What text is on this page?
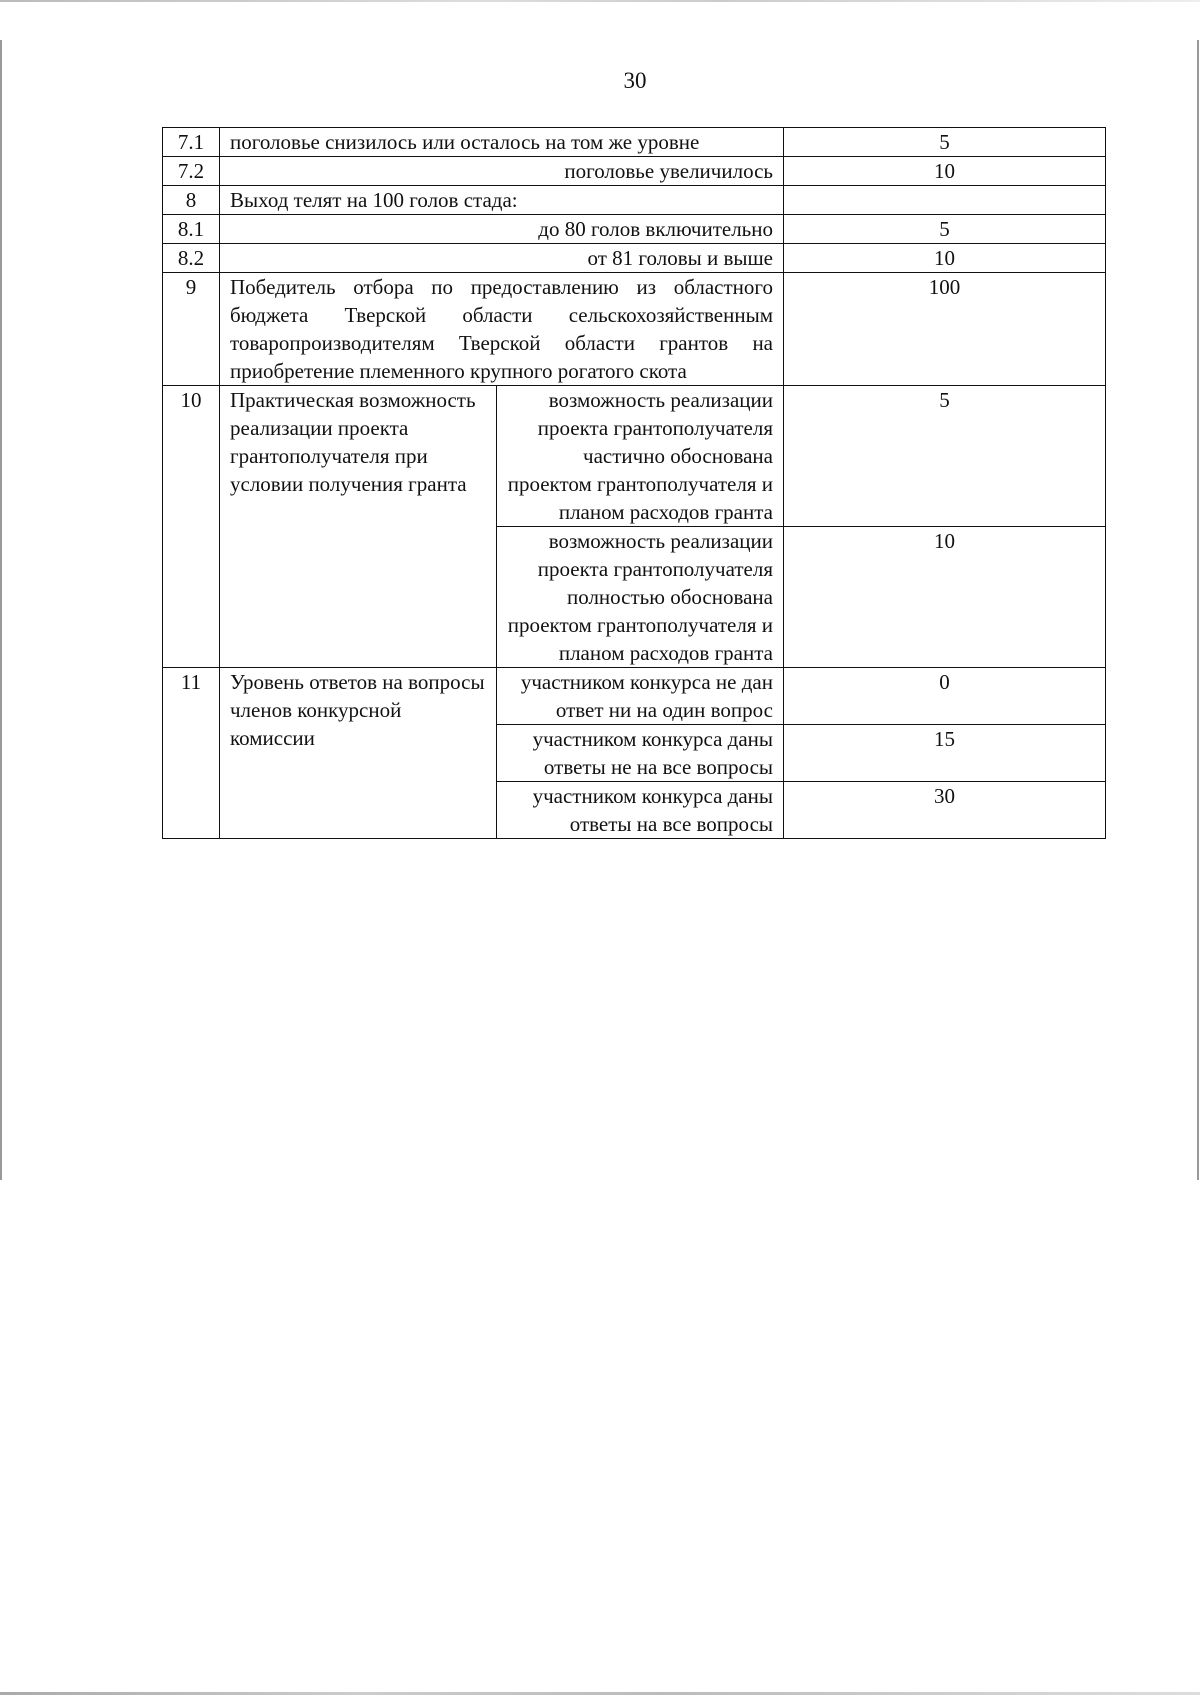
30
7.1	поголовье снизилось или осталось на том же уровне		5
7.2	поголовье увеличилось		10
8	Выход телят на 100 голов стада:		
8.1	до 80 голов включительно		5
8.2	от 81 головы и выше		10
9	Победитель отбора по предоставлению из областного бюджета Тверской области сельскохозяйственным товаропроизводителям Тверской области грантов на приобретение племенного крупного рогатого скота		100
10	Практическая возможность реализации проекта грантополучателя при условии получения гранта	возможность реализации проекта грантополучателя частично обоснована проектом грантополучателя и планом расходов гранта	5
		возможность реализации проекта грантополучателя полностью обоснована проектом грантополучателя и планом расходов гранта	10
11	Уровень ответов на вопросы членов конкурсной комиссии	участником конкурса не дан ответ ни на один вопрос	0
		участником конкурса даны ответы не на все вопросы	15
		участником конкурса даны ответы на все вопросы	30
